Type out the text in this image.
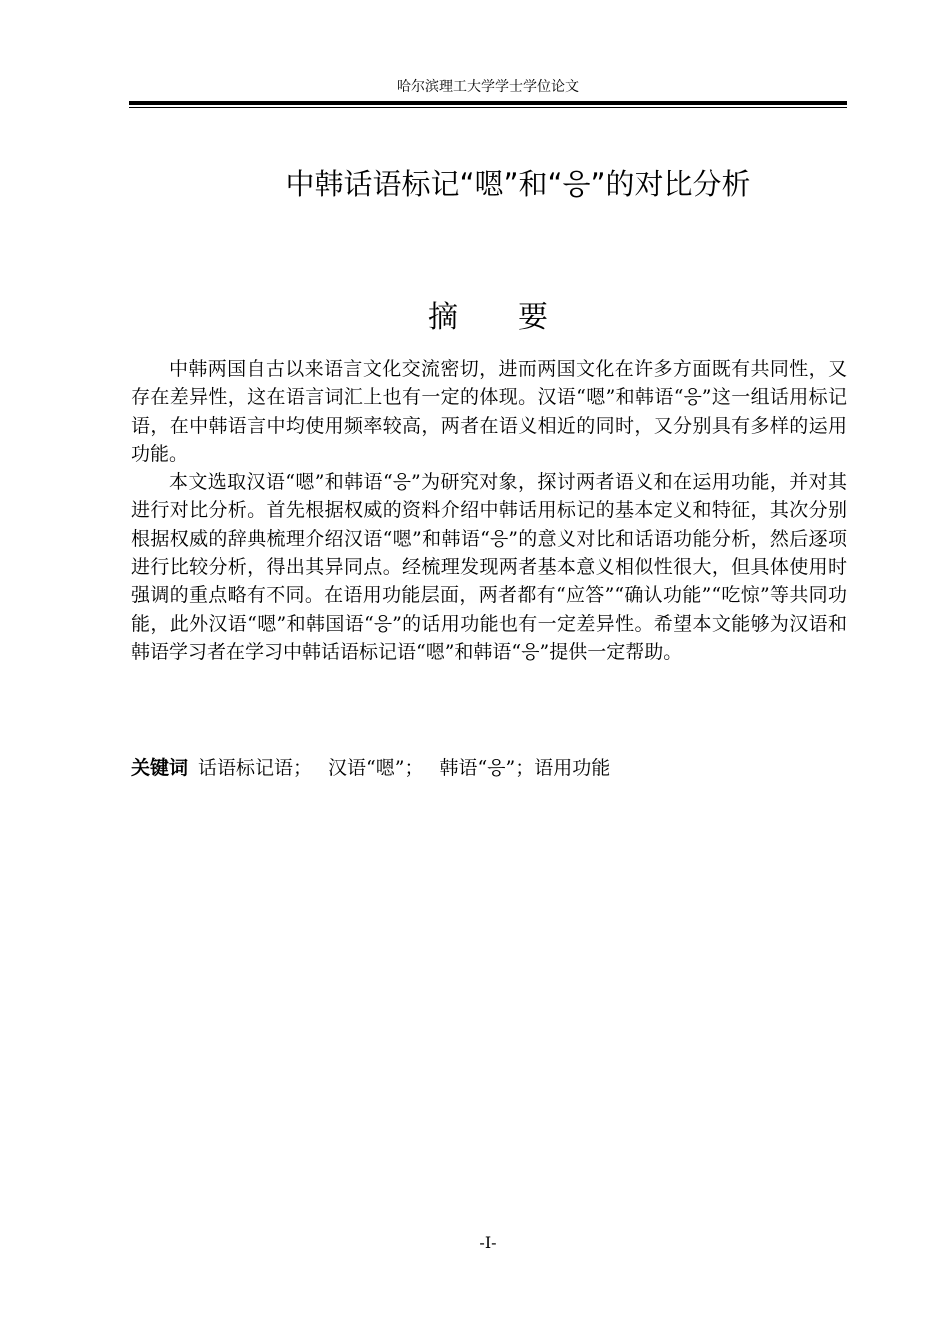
哈尔滨理工大学学士学位论文
中韩话语标记“嗯”和“응”的对比分析
摘要

中韩两国自古以来语言文化交流密切，进而两国文化在许多方面既有共同性，又存在差异性，这在语言词汇上也有一定的体现。汉语“嗯”和韩语“응”这一组话用标记语，在中韩语言中均使用频率较高，两者在语义相近的同时，又分别具有多样的运用功能。

本文选取汉语“嗯”和韩语“응”为研究对象，探讨两者语义和在运用功能，并对其进行对比分析。首先根据权威的资料介绍中韩话用标记的基本定义和特征，其次分别根据权威的辞典梳理介绍汉语“嗯”和韩语“응”的意义对比和话语功能分析，然后逐项进行比较分析，得出其异同点。经梳理发现两者基本意义相似性很大，但具体使用时强调的重点略有不同。在语用功能层面，两者都有“应答”“确认功能”“吃惊”等共同功能，此外汉语“嗯”和韩国语“응”的话用功能也有一定差异性。希望本文能够为汉语和韩语学习者在学习中韩话语标记语“嗯”和韩语“응”提供一定帮助。

关键词 话语标记语； 汉语“嗯”； 韩语“응”；语用功能
-I-
